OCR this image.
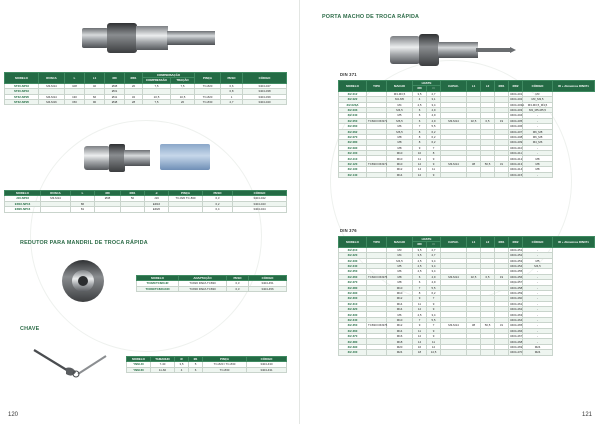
MODELO	ROSCA	L	L1	ØD	ØD1	COMPENSAÇÃO		PINÇA	PESO	CÓDIGO
						COMPRESSÃO	TRAÇÃO			
ST20-NP16	M3-M14	108	40	Ø38	20	7,5	7,5	TC-820	0,6	3404-047
ST20-NP16				Ø31					0,8	3404-038
ST32-NP20	M4-M14	130	66	Ø41	32	10,5	10,5	TC-820	1	3404-039
ST32-NP20	M4-M16	150	90	Ø48	28	7,5	20	TC-830	2,7	3404-040
MODELO	ROSCA	L	ØD	ØD1	d	PINÇA	PESO	CÓDIGO
J16-NP16	M3-M14		Ø38	50	J16	TC-820 TC-830	0,3	3404-042
ER16-NP16		86			ER16		0,2	3404-043
ER20-NP16		81			ER20		0,4	3404-044
REDUTOR PARA MANDRIL DE TROCA RÁPIDA
MODELO	ADAPTAÇÃO	PESO	CÓDIGO
TC820/TC820-IR	TC820 PARA TC830	0,3	3404-451
TC830/TC830-KID	TC830 PARA TC830	0,3	3404-456
CHAVE
MODELO	TAMANHO	Ø	Ø1	PINÇA	CÓDIGO
YNM-40	7-40	3,5	5	TC-820 / TC-830	3404-430
YNM-60	11-60	4	6	TC-830	3404-431
120
PORTA MACHO DE TROCA RÁPIDA
DIN 371
MODELO	TIPO	MACHO	HASTE		CAPAC.	L1	L2	ØD1	ØD2	CÓDIGO	ID + Abrasivos DIN371
			ØD	□							
3/2-012		M3-M3,5	3,5	2,7					3404-401	M3	
3/2-022		M4-M5	4	3,1					3404-402	M3_M3,5	
3/2-023A		M4	4,5	3,4					3404-403A	M3-M3,5_M4,5	
3/2-033		M4,5	6	4,9					3404-403	M3_M5-M5,5	
3/2-040		M5	6	4,9					3404-404	-	
3/2-050	TC820 DIN371	M6,5	6	4,9	M3-M14	32,5	0,5	19	3404-405	-	
3/2-060		M6	7	5,5					3404-406	-	
3/2-062		M6,5	8	6,2					3404-407	M6_M8	
3/2-070		M8	8	6,2					3404-408	M6_M8	
3/2-080		M8	8	6,2					3404-409	M4_M6	
3/2-090		M8	9	7					3404-410	-	
3/2-100		M10	10	8					3404-411	-	
3/2-110		M10	11	9					3404-412	M8	
3/2-120	TC830 DIN371	M10	12	9	M3-M14	38	50,5	31	3404-413	M8	
3/2-130		M12	14	11					3404-414	M8	
3/2-140		M14	12	9					3404-415	-	
DIN 376
MODELO	TIPO	MACHO	HASTE		CAPAC.	L1	L2	ØD1	ØD2	CÓDIGO	ID + Abrasivos DIN371
			ØD	□							
3/2-210		M3	3,5	2,7					3404-451	-	
3/2-220		M4	3,5	2,7					3404-452	-	
3/2-230		M4,5	4,5	3,4					3404-453	M5	
3/2-240		M5	4,5	3,4					3404-454	M4,5	
3/2-250		M6	4,5	3,4					3404-455	-	
3/2-260	TC820 DIN376	M8	6	4,9	M3-M14	32,5	0,5	19	3404-456	-	
3/2-270		M8	6	4,9					3404-457	-	
3/2-280		M10	7	5,5					3404-458	-	
3/2-290		M10	8	6,2					3404-459	-	
3/2-300		M12	9	7					3404-460	-	
3/2-310		M14	11	9					3404-461	-	
3/2-320		M14	12	9					3404-462	-	
3/2-330		M6	4,5	3,4					3404-463	-	
3/2-340		M10	7	5,5					3404-464	-	
3/2-350	TC830 DIN376	M12	9	7	M3-M14	38	50,5	31	3404-465	-	
3/2-360		M14	11	9					3404-466	-	
3/2-370		M16	12	9					3404-467	-	
3/2-380		M18	14	11					3404-468	-	
3/2-390		M20	16	12					3404-469	M24	
3/2-400		M24	18	14,5					3404-470	M24	
121
